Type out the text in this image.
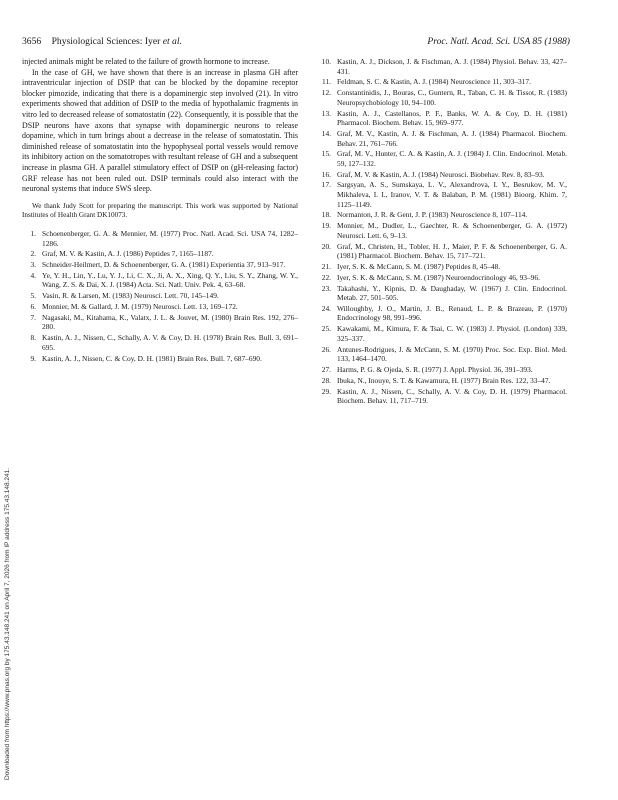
3656 Physiological Sciences: Iyer et al.	Proc. Natl. Acad. Sci. USA 85 (1988)

injected animals might be related to the failure of growth hormone to increase.

In the case of GH, we have shown that there is an increase in plasma GH after intraventricular injection of DSIP that can be blocked by the dopamine receptor blocker pimozide, indicating that there is a dopaminergic step involved (21). In vitro experiments showed that addition of DSIP to the media of hypothalamic fragments in vitro led to decreased release of somatostatin (22). Consequently, it is possible that the DSIP neurons have axons that synapse with dopaminergic neurons to release dopamine, which in turn brings about a decrease in the release of somatostatin. This diminished release of somatostatin into the hypophyseal portal vessels would remove its inhibitory action on the somatotropes with resultant release of GH and a subsequent increase in plasma GH. A parallel stimulatory effect of DSIP on (gH-releasing factor) GRF release has not been ruled out. DSIP terminals could also interact with the neuronal systems that induce SWS sleep.

We thank Judy Scott for preparing the manuscript. This work was supported by National Institutes of Health Grant DK10073.

1. Schoenenberger, G. A. & Mennier, M. (1977) Proc. Natl. Acad. Sci. USA 74, 1282–1286.
2. Graf, M. V. & Kastin, A. J. (1986) Peptides 7, 1165–1187.
3. Schneider-Heilmert, D. & Schoenenberger, G. A. (1981) Experientia 37, 913–917.
4. Ye, Y. H., Lin, Y., Lu, Y. J., Li, C. X., Ji, A. X., Xing, Q. Y., Liu, S. Y., Zhang, W. Y., Wang, Z. S. & Dai, X. J. (1984) Acta. Sci. Natl. Univ. Pek. 4, 63–68.
5. Vasin, R. & Larsen, M. (1983) Neurosci. Lett. 70, 145–149.
6. Monnier, M. & Gallard, J. M. (1979) Neurosci. Lett. 13, 169–172.
7. Nagasaki, M., Kitahama, K., Valatx, J. L. & Jouvet, M. (1980) Brain Res. 192, 276–280.
8. Kastin, A. J., Nissen, C., Schally, A. V. & Coy, D. H. (1978) Brain Res. Bull. 3, 691–695.
9. Kastin, A. J., Nissen, C. & Coy, D. H. (1981) Brain Res. Bull. 7, 687–690.
10. Kastin, A. J., Dickson, J. & Fischman, A. J. (1984) Physiol. Behav. 33, 427–431.
11. Feldman, S. C. & Kastin, A. J. (1984) Neuroscience 11, 303–317.
12. Constantinidis, J., Bouras, C., Guntern, R., Taban, C. H. & Tissot, R. (1983) Neuropsychobiology 10, 94–100.
13. Kastin, A. J., Castellanos, P. F., Banks, W. A. & Coy, D. H. (1981) Pharmacol. Biochem. Behav. 15, 969–977.
14. Graf, M. V., Kastin, A. J. & Fischman, A. J. (1984) Pharmacol. Biochem. Behav. 21, 761–766.
15. Graf, M. V., Hunter, C. A. & Kastin, A. J. (1984) J. Clin. Endocrinol. Metab. 59, 127–132.
16. Graf, M. V. & Kastin, A. J. (1984) Neurosci. Biobehav. Rev. 8, 83–93.
17. Sargsyan, A. S., Sumskaya, L. V., Alexandrova, I. Y., Besrukov, M. V., Mikhaleva, I. I., Iranov, V. T. & Balaban, P. M. (1981) Bioorg. Khim. 7, 1125–1149.
18. Normanton, J. R. & Gent, J. P. (1983) Neuroscience 8, 107–114.
19. Monnier, M., Dudler, L., Gaechter, R. & Schoenenberger, G. A. (1972) Neurosci. Lett. 6, 9–13.
20. Graf, M., Christen, H., Tobler, H. J., Maier, P. F. & Schoenenberger, G. A. (1981) Pharmacol. Biochem. Behav. 15, 717–721.
21. Iyer, S. K. & McCann, S. M. (1987) Peptides 8, 45–48.
22. Iyer, S. K. & McCann, S. M. (1987) Neuroendocrinology 46, 93–96.
23. Takahashi, Y., Kipnis, D. & Daughaday, W. (1967) J. Clin. Endocrinol. Metab. 27, 501–505.
24. Willoughby, J. O., Martin, J. B., Renaud, L. P. & Brazeau, P. (1970) Endocrinology 98, 991–996.
25. Kawakami, M., Kimura, F. & Tsai, C. W. (1983) J. Physiol. (London) 339, 325–337.
26. Antunes-Rodrigues, J. & McCann, S. M. (1970) Proc. Soc. Exp. Biol. Med. 133, 1464–1470.
27. Harms, P. G. & Ojeda, S. R. (1977) J. Appl. Physiol. 36, 391–393.
28. Ibuka, N., Inouye, S. T. & Kawamura, H. (1977) Brain Res. 122, 33–47.
29. Kastin, A. J., Nissen, C., Schally, A. V. & Coy, D. H. (1979) Pharmacol. Biochem. Behav. 11, 717–719.
Downloaded from https://www.pnas.org by 175.43.148.241 on April 7, 2026 from IP address 175.43.148.241.
